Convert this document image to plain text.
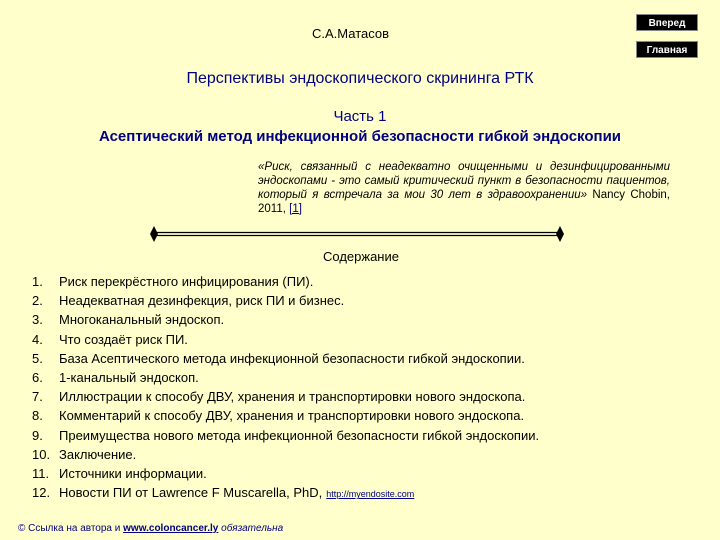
С.А.Матасов
Вперед
Главная
Перспективы эндоскопического скрининга РТК
Часть 1
Асептический метод инфекционной безопасности гибкой эндоскопии
«Риск, связанный с неадекватно очищенными и дезинфицированными эндоскопами - это самый критический пункт в безопасности пациентов, который я встречала за мои 30 лет в здравоохранении» Nancy Chobin, 2011, [1]
Содержание
1. Риск перекрёстного инфицирования (ПИ).
2. Неадекватная дезинфекция, риск ПИ и бизнес.
3. Многоканальный эндоскоп.
4. Что создаёт риск ПИ.
5. База Асептического метода инфекционной безопасности гибкой эндоскопии.
6. 1-канальный эндоскоп.
7. Иллюстрации к способу ДВУ, хранения и транспортировки нового эндоскопа.
8. Комментарий к способу ДВУ, хранения и транспортировки нового эндоскопа.
9. Преимущества нового метода инфекционной безопасности гибкой эндоскопии.
10. Заключение.
11. Источники информации.
12. Новости ПИ от Lawrence F Muscarella, PhD, http://myendosite.com
© Ссылка на автора и www.coloncancer.ly обязательна
